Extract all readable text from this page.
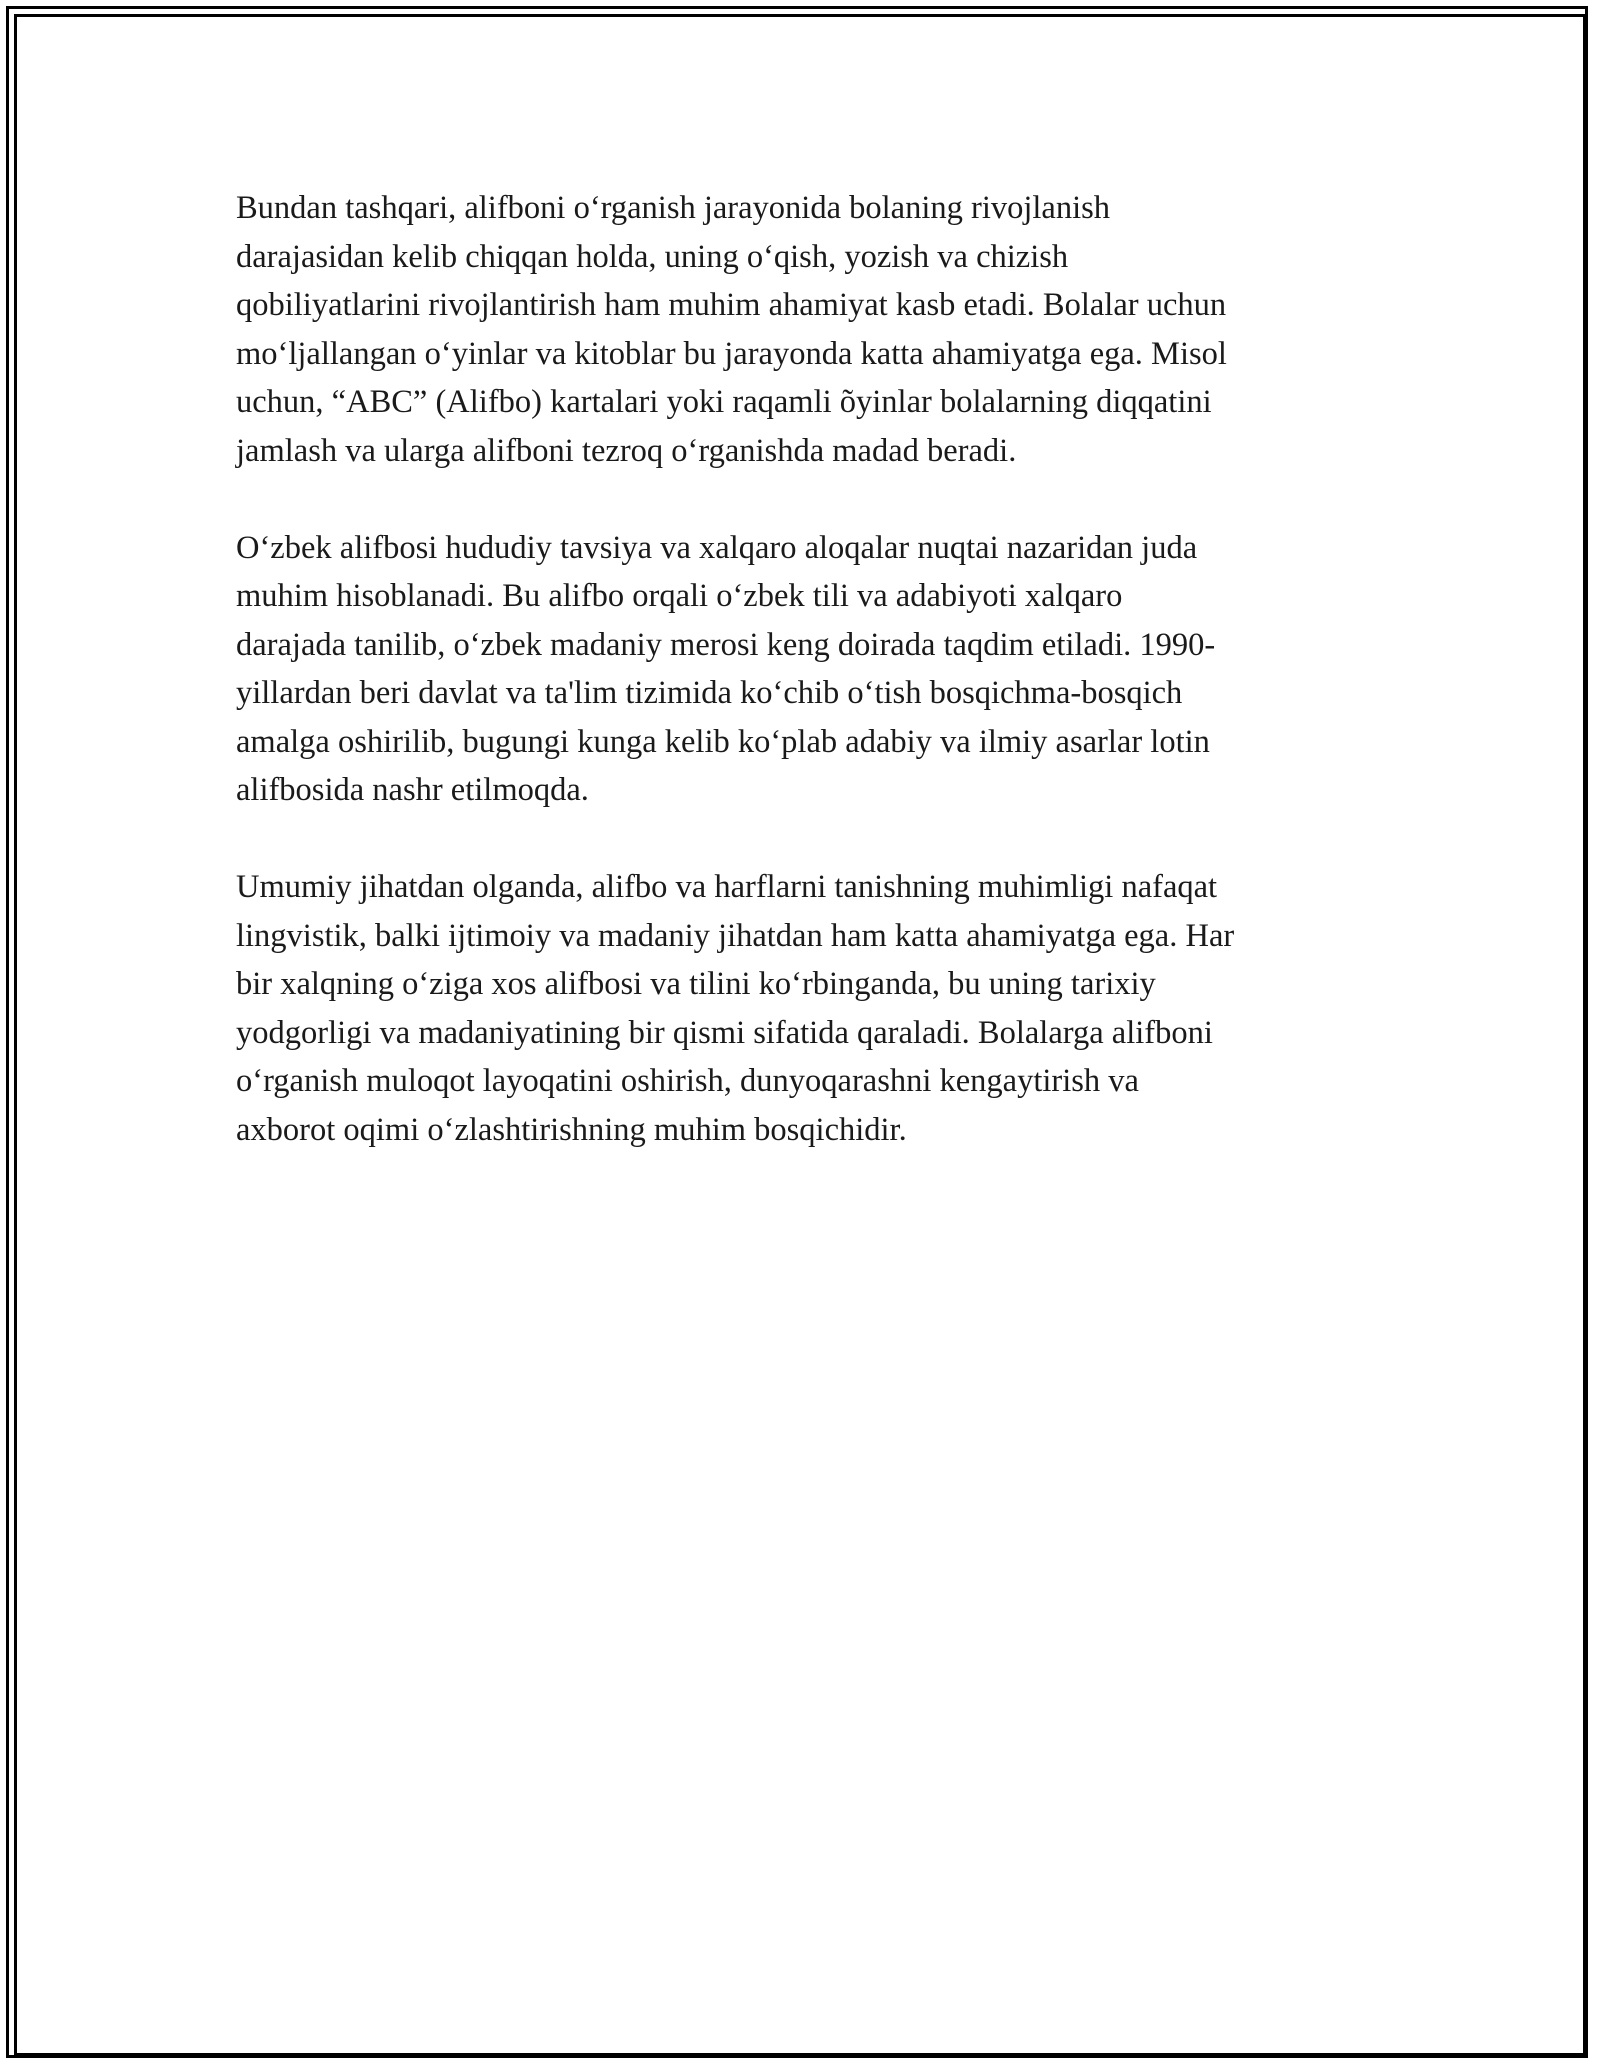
Bundan tashqari, alifboni oʻrganish jarayonida bolaning rivojlanish
darajasidan kelib chiqqan holda, uning oʻqish, yozish va chizish
qobiliyatlarini rivojlantirish ham muhim ahamiyat kasb etadi. Bolalar uchun
moʻljallangan oʻyinlar va kitoblar bu jarayonda katta ahamiyatga ega. Misol
uchun, “ABC” (Alifbo) kartalari yoki raqamli õyinlar bolalarning diqqatini
jamlash va ularga alifboni tezroq oʻrganishda madad beradi.

Oʻzbek alifbosi hududiy tavsiya va xalqaro aloqalar nuqtai nazaridan juda
muhim hisoblanadi. Bu alifbo orqali oʻzbek tili va adabiyoti xalqaro
darajada tanilib, oʻzbek madaniy merosi keng doirada taqdim etiladi. 1990-
yillardan beri davlat va ta'lim tizimida koʻchib oʻtish bosqichma-bosqich
amalga oshirilib, bugungi kunga kelib koʻplab adabiy va ilmiy asarlar lotin
alifbosida nashr etilmoqda.

Umumiy jihatdan olganda, alifbo va harflarni tanishning muhimligi nafaqat
lingvistik, balki ijtimoiy va madaniy jihatdan ham katta ahamiyatga ega. Har
bir xalqning oʻziga xos alifbosi va tilini koʻrbinganda, bu uning tarixiy
yodgorligi va madaniyatining bir qismi sifatida qaraladi. Bolalarga alifboni
oʻrganish muloqot layoqatini oshirish, dunyoqarashni kengaytirish va
axborot oqimi oʻzlashtirishning muhim bosqichidir.
